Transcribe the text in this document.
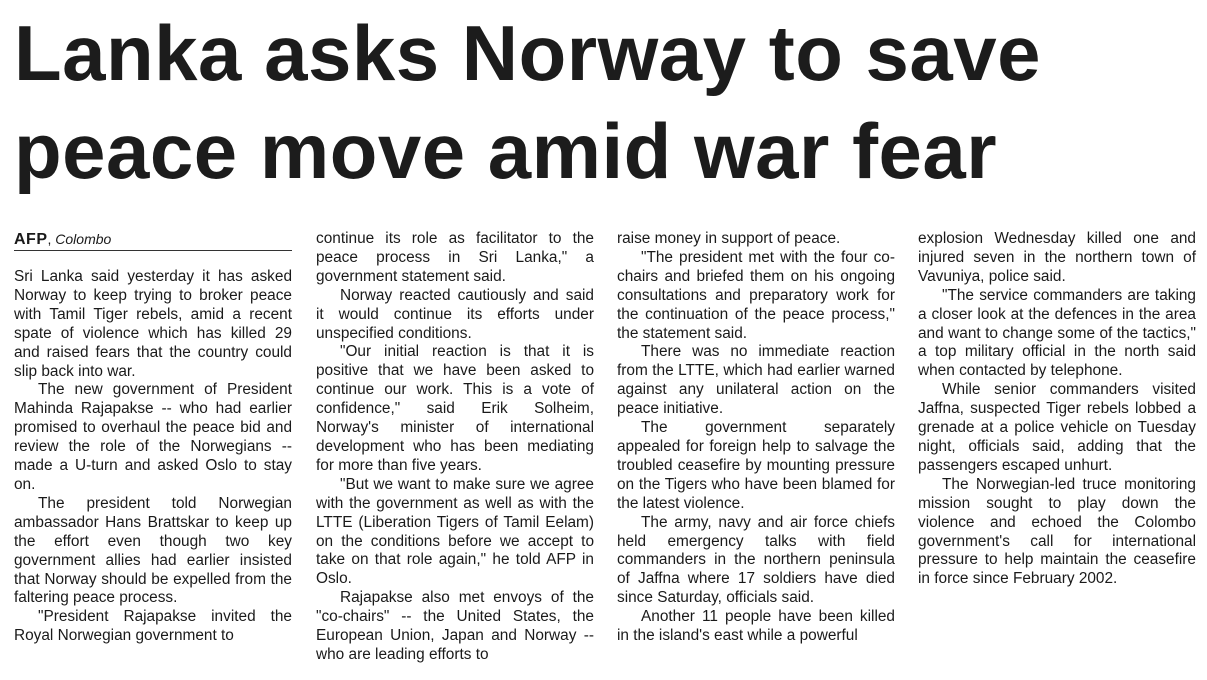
Lanka asks Norway to save
peace move amid war fear
AFP, Colombo

Sri Lanka said yesterday it has asked Norway to keep trying to broker peace with Tamil Tiger rebels, amid a recent spate of violence which has killed 29 and raised fears that the country could slip back into war.

The new government of President Mahinda Rajapakse -- who had earlier promised to overhaul the peace bid and review the role of the Norwegians -- made a U-turn and asked Oslo to stay on.

The president told Norwegian ambassador Hans Brattskar to keep up the effort even though two key government allies had earlier insisted that Norway should be expelled from the faltering peace process.

"President Rajapakse invited the Royal Norwegian government to

continue its role as facilitator to the peace process in Sri Lanka," a government statement said.

Norway reacted cautiously and said it would continue its efforts under unspecified conditions.

"Our initial reaction is that it is positive that we have been asked to continue our work. This is a vote of confidence," said Erik Solheim, Norway's minister of international development who has been mediating for more than five years.

"But we want to make sure we agree with the government as well as with the LTTE (Liberation Tigers of Tamil Eelam) on the conditions before we accept to take on that role again," he told AFP in Oslo.

Rajapakse also met envoys of the "co-chairs" -- the United States, the European Union, Japan and Norway -- who are leading efforts to

raise money in support of peace.

"The president met with the four co-chairs and briefed them on his ongoing consultations and preparatory work for the continuation of the peace process," the statement said.

There was no immediate reaction from the LTTE, which had earlier warned against any unilateral action on the peace initiative.

The government separately appealed for foreign help to salvage the troubled ceasefire by mounting pressure on the Tigers who have been blamed for the latest violence.

The army, navy and air force chiefs held emergency talks with field commanders in the northern peninsula of Jaffna where 17 soldiers have died since Saturday, officials said.

Another 11 people have been killed in the island's east while a powerful

explosion Wednesday killed one and injured seven in the northern town of Vavuniya, police said.

"The service commanders are taking a closer look at the defences in the area and want to change some of the tactics," a top military official in the north said when contacted by telephone.

While senior commanders visited Jaffna, suspected Tiger rebels lobbed a grenade at a police vehicle on Tuesday night, officials said, adding that the passengers escaped unhurt.

The Norwegian-led truce monitoring mission sought to play down the violence and echoed the Colombo government's call for international pressure to help maintain the ceasefire in force since February 2002.
